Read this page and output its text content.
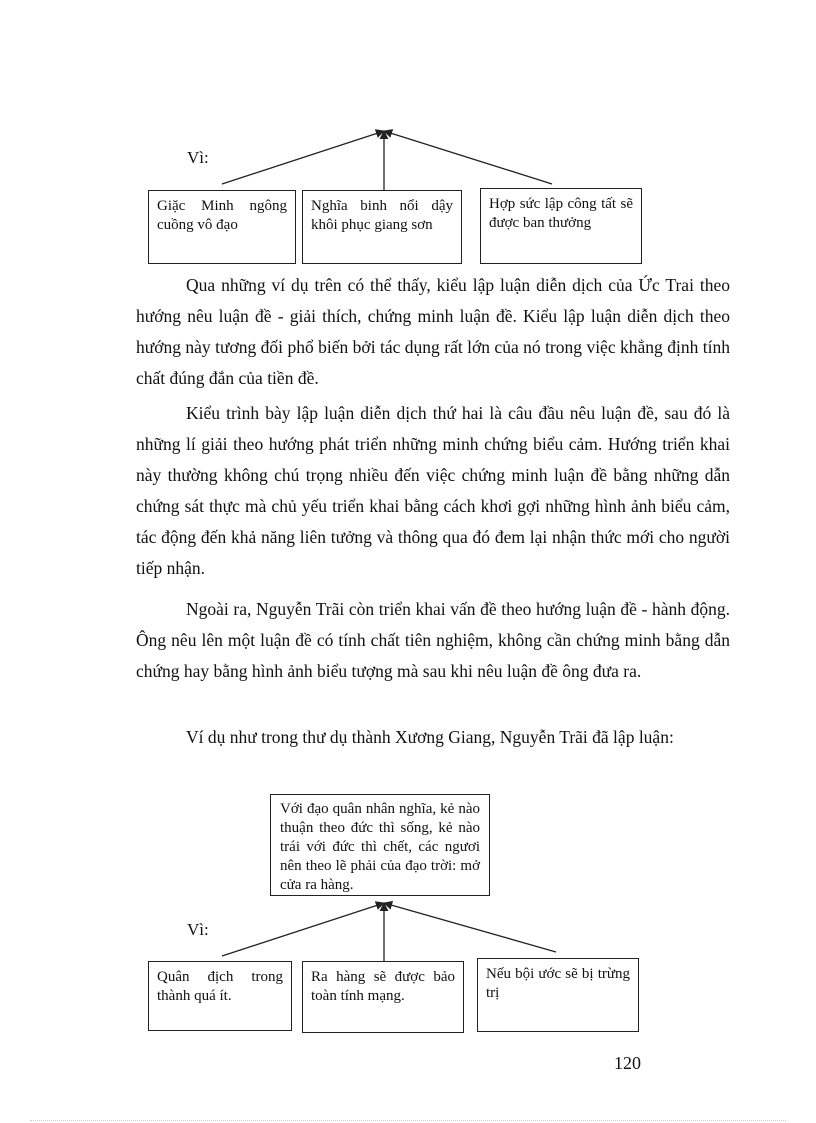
Vì:
Giặc Minh ngông cuồng vô đạo
Nghĩa binh nổi dậy khôi phục giang sơn
Hợp sức lập công tất sẽ được ban thưởng

Qua những ví dụ trên có thể thấy, kiểu lập luận diễn dịch của Ức Trai theo hướng nêu luận đề - giải thích, chứng minh luận đề. Kiểu lập luận diễn dịch theo hướng này tương đối phổ biến bởi tác dụng rất lớn của nó trong việc khẳng định tính chất đúng đắn của tiền đề.

Kiểu trình bày lập luận diễn dịch thứ hai là câu đầu nêu luận đề, sau đó là những lí giải theo hướng phát triển những minh chứng biểu cảm. Hướng triển khai này thường không chú trọng nhiều đến việc chứng minh luận đề bằng những dẫn chứng sát thực mà chủ yếu triển khai bằng cách khơi gợi những hình ảnh biểu cảm, tác động đến khả năng liên tưởng và thông qua đó đem lại nhận thức mới cho người tiếp nhận.

Ngoài ra, Nguyễn Trãi còn triển khai vấn đề theo hướng luận đề - hành động. Ông nêu lên một luận đề có tính chất tiên nghiệm, không cần chứng minh bằng dẫn chứng hay bằng hình ảnh biểu tượng mà sau khi nêu luận đề ông đưa ra.

Ví dụ như trong thư dụ thành Xương Giang, Nguyễn Trãi đã lập luận:

Với đạo quân nhân nghĩa, kẻ nào thuận theo đức thì sống, kẻ nào trái với đức thì chết, các ngươi nên theo lẽ phải của đạo trời: mở cửa ra hàng.
Vì:
Quân địch trong thành quá ít.
Ra hàng sẽ được bảo toàn tính mạng.
Nếu bội ước sẽ bị trừng trị
120
